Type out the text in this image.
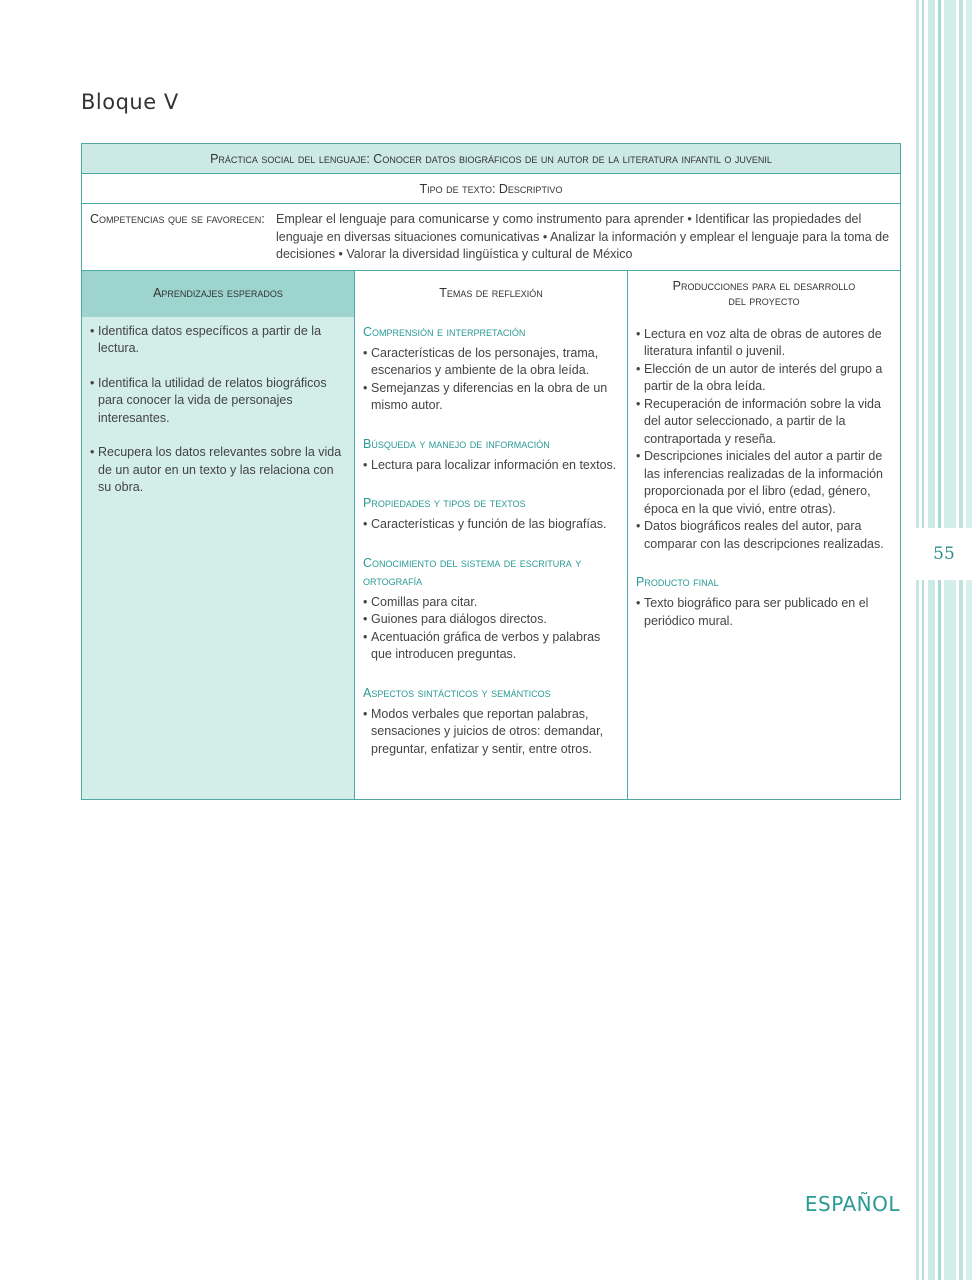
55
Bloque V
Práctica social del lenguaje: Conocer datos biográficos de un autor de la literatura infantil o juvenil
Tipo de texto: Descriptivo
Competencias que se favorecen: Emplear el lenguaje para comunicarse y como instrumento para aprender • Identificar las propiedades del lenguaje en diversas situaciones comunicativas • Analizar la información y emplear el lenguaje para la toma de decisiones • Valorar la diversidad lingüística y cultural de México
Aprendizajes esperados	Temas de reflexión
Producciones para el desarrollo del proyecto

• Identifica datos específicos a partir de la lectura.

• Identifica la utilidad de relatos biográficos para conocer la vida de personajes interesantes.

• Recupera los datos relevantes sobre la vida de un autor en un texto y las relaciona con su obra.

Comprensión e interpretación

• Características de los personajes, trama, escenarios y ambiente de la obra leída.

• Semejanzas y diferencias en la obra de un mismo autor.

Búsqueda y manejo de información

• Lectura para localizar información en textos.

Propiedades y tipos de textos

• Características y función de las biografías.

Conocimiento del sistema de escritura y ortografía

• Comillas para citar.

• Guiones para diálogos directos.

• Acentuación gráfica de verbos y palabras que introducen preguntas.

Aspectos sintácticos y semánticos

• Modos verbales que reportan palabras, sensaciones y juicios de otros: demandar, preguntar, enfatizar y sentir, entre otros.

• Lectura en voz alta de obras de autores de literatura infantil o juvenil.

• Elección de un autor de interés del grupo a partir de la obra leída.

• Recuperación de información sobre la vida del autor seleccionado, a partir de la contraportada y reseña.

• Descripciones iniciales del autor a partir de las inferencias realizadas de la información proporcionada por el libro (edad, género, época en la que vivió, entre otras).

• Datos biográficos reales del autor, para comparar con las descripciones realizadas.

Producto final

• Texto biográfico para ser publicado en el periódico mural.

ESPAÑOL
